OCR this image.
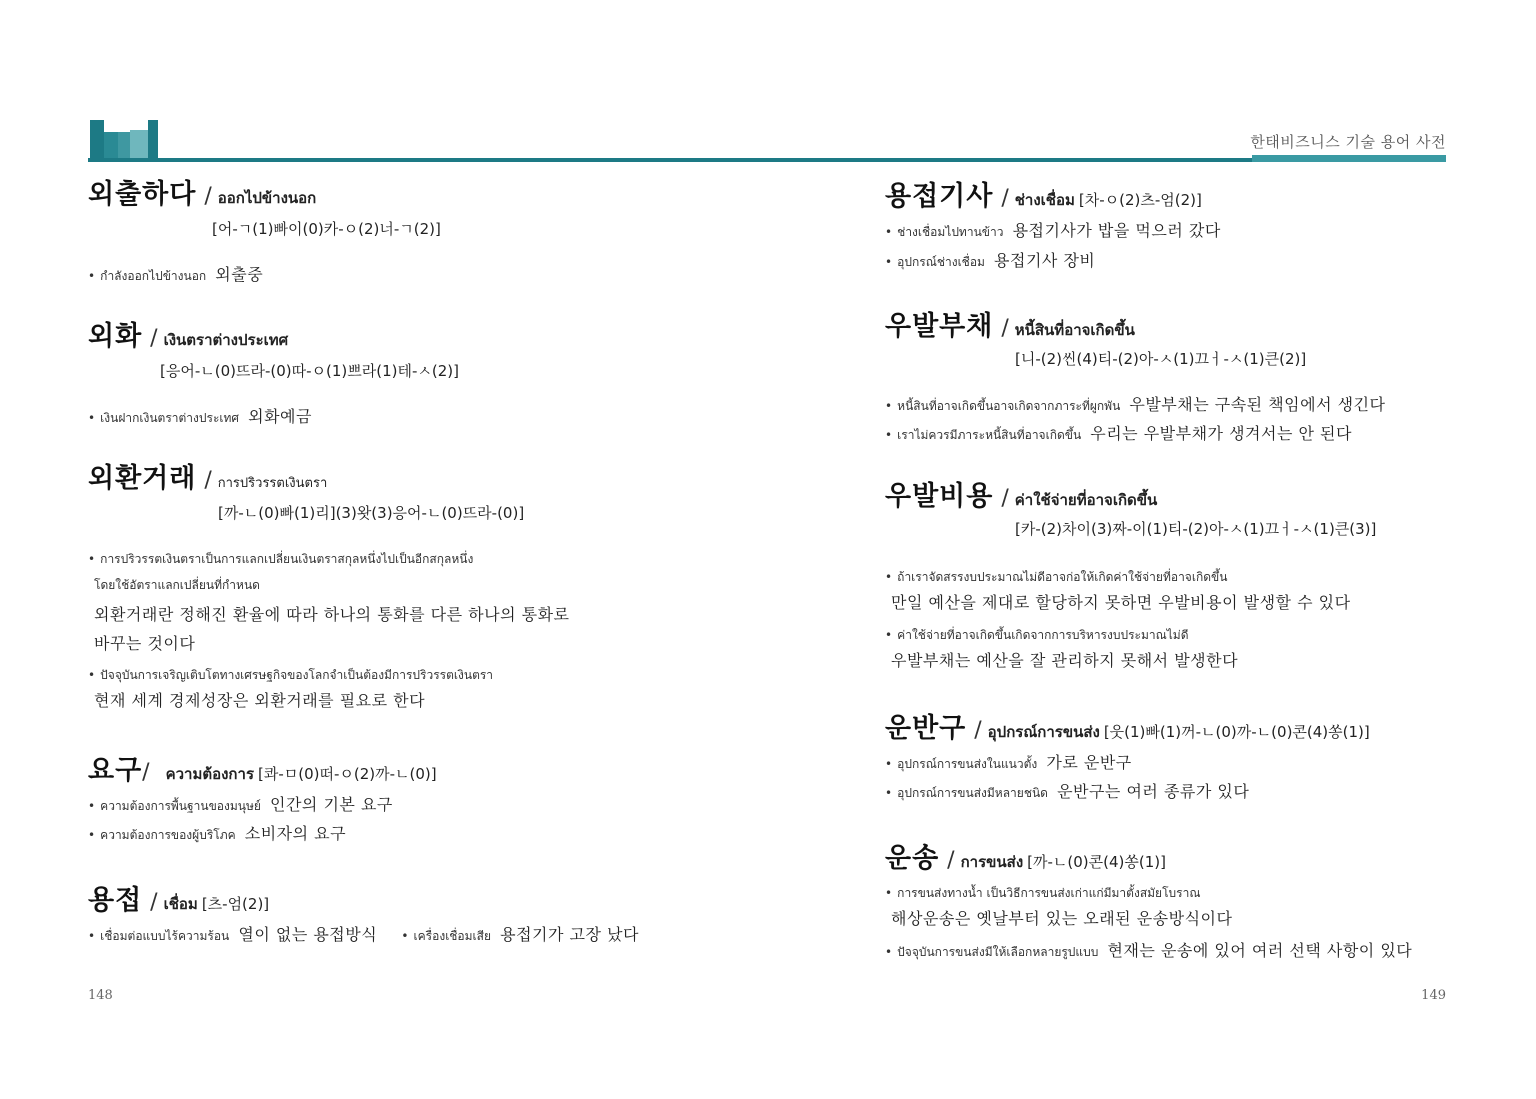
한태비즈니스 기술 용어 사전
외출하다 / ออกไปข้างนอก
[어-ㄱ(1)빠이(0)카-ㅇ(2)너-ㄱ(2)]
• กำลังออกไปข้างนอก 외출중
외화 / เงินตราต่างประเทศ
[응어-ㄴ(0)뜨라-(0)따-ㅇ(1)쁘라(1)테-ㅅ(2)]
• เงินฝากเงินตราต่างประเทศ 외화예금
외환거래 / การปริวรรตเงินตรา
[까-ㄴ(0)빠(1)리](3)왓(3)응어-ㄴ(0)뜨라-(0)]
• การปริวรรตเงินตราเป็นการแลกเปลี่ยนเงินตราสกุลหนึ่งไปเป็นอีกสกุลหนึ่ง
โดยใช้อัตราแลกเปลี่ยนที่กำหนด
외환거래란 정해진 환율에 따라 하나의 통화를 다른 하나의 통화로
바꾸는 것이다
• ปัจจุบันการเจริญเติบโตทางเศรษฐกิจของโลกจำเป็นต้องมีการปริวรรตเงินตรา
현재 세계 경제성장은 외환거래를 필요로 한다
요구/ ความต้องการ [콰-ㅁ(0)떠-ㅇ(2)까-ㄴ(0)]
• ความต้องการพื้นฐานของมนุษย์ 인간의 기본 요구
• ความต้องการของผู้บริโภค 소비자의 요구
용접 / เชื่อม [츠-엄(2)]
• เชื่อมต่อแบบไร้ความร้อน 열이 없는 용접방식 • เครื่องเชื่อมเสีย 용접기가 고장 났다
용접기사 / ช่างเชื่อม [차-ㅇ(2)츠-엄(2)]
• ช่างเชื่อมไปทานข้าว 용접기사가 밥을 먹으러 갔다
• อุปกรณ์ช่างเชื่อม 용접기사 장비
우발부채 / หนี้สินที่อาจเกิดขึ้น
[니-(2)씬(4)티-(2)아-ㅅ(1)끄ㅓ-ㅅ(1)큰(2)]
• หนี้สินที่อาจเกิดขึ้นอาจเกิดจากภาระที่ผูกพัน 우발부채는 구속된 책임에서 생긴다
• เราไม่ควรมีภาระหนี้สินที่อาจเกิดขึ้น 우리는 우발부채가 생겨서는 안 된다
우발비용 / ค่าใช้จ่ายที่อาจเกิดขึ้น
[카-(2)차이(3)짜-이(1)티-(2)아-ㅅ(1)끄ㅓ-ㅅ(1)큰(3)]
• ถ้าเราจัดสรรงบประมาณไม่ดีอาจก่อให้เกิดค่าใช้จ่ายที่อาจเกิดขึ้น
만일 예산을 제대로 할당하지 못하면 우발비용이 발생할 수 있다
• ค่าใช้จ่ายที่อาจเกิดขึ้นเกิดจากการบริหารงบประมาณไม่ดี
우발부채는 예산을 잘 관리하지 못해서 발생한다
운반구 / อุปกรณ์การขนส่ง [웃(1)빠(1)꺼-ㄴ(0)까-ㄴ(0)콘(4)쏭(1)]
• อุปกรณ์การขนส่งในแนวตั้ง 가로 운반구
• อุปกรณ์การขนส่งมีหลายชนิด 운반구는 여러 종류가 있다
운송 / การขนส่ง [까-ㄴ(0)콘(4)쏭(1)]
• การขนส่งทางน้ำ เป็นวิธีการขนส่งเก่าแก่มีมาตั้งสมัยโบราณ
해상운송은 옛날부터 있는 오래된 운송방식이다
• ปัจจุบันการขนส่งมีให้เลือกหลายรูปแบบ 현재는 운송에 있어 여러 선택 사항이 있다
148	149
